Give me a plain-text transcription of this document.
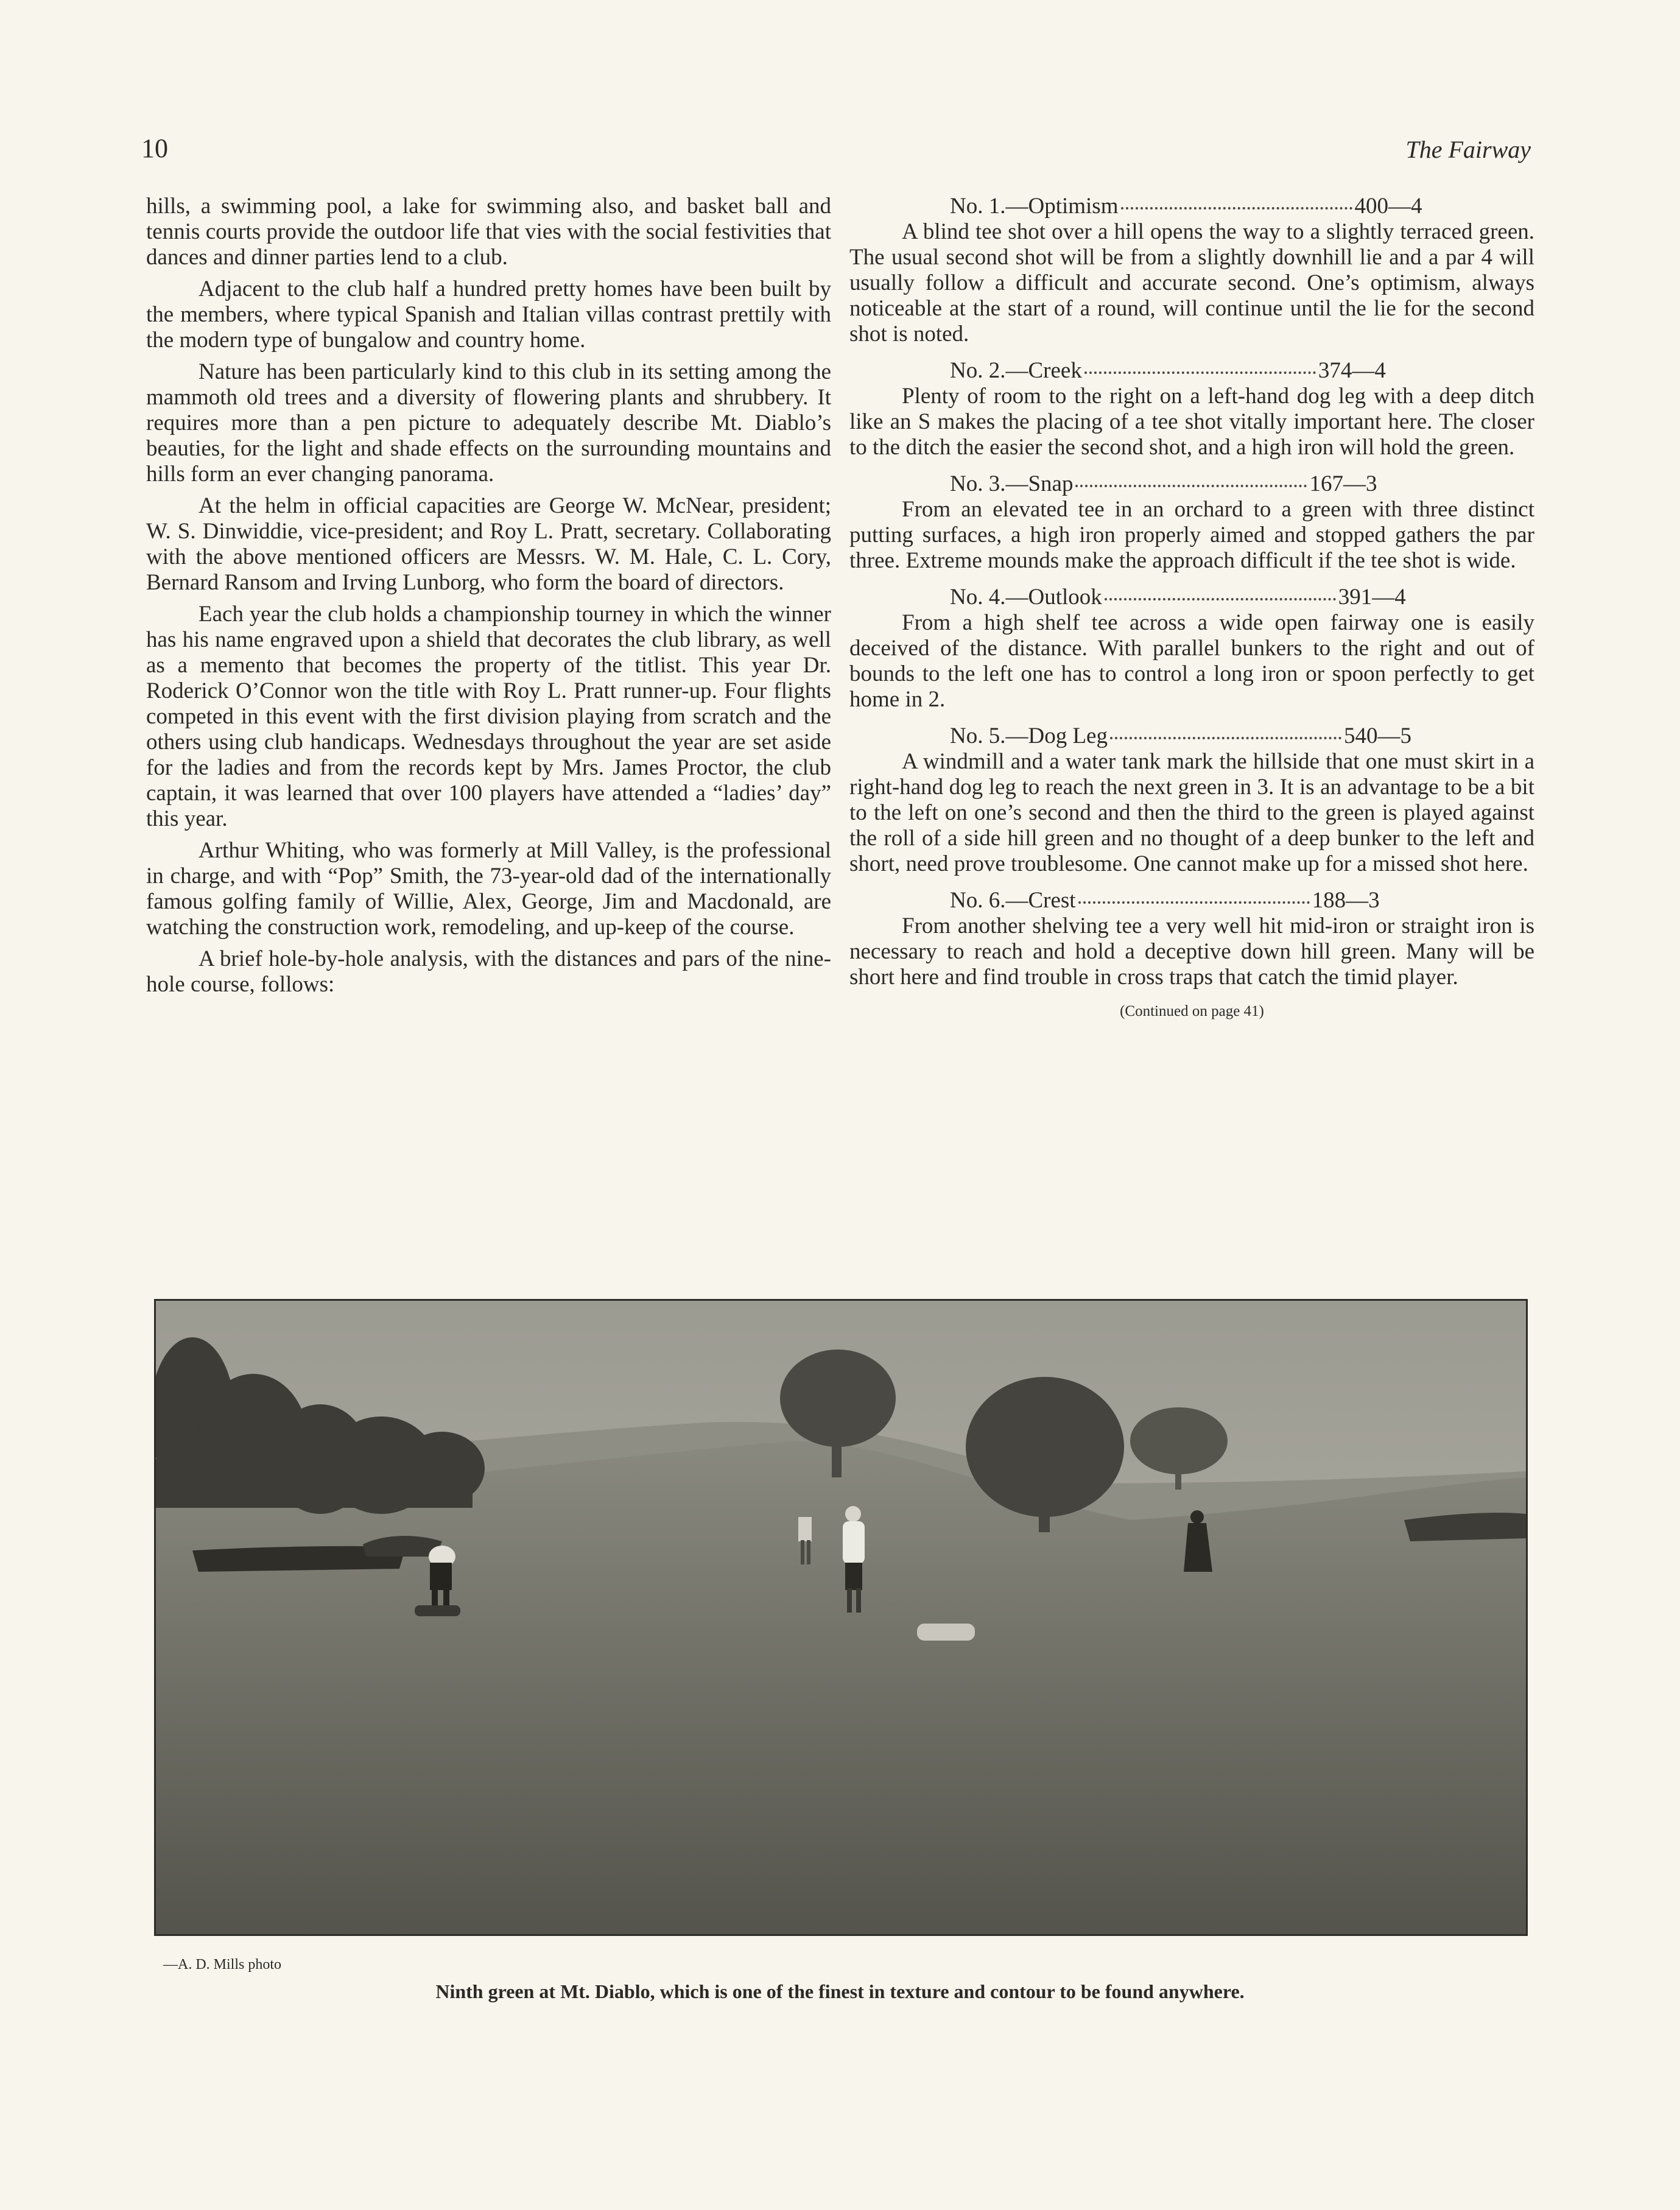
10	The Fairway

hills, a swimming pool, a lake for swimming also, and basket ball and tennis courts provide the outdoor life that vies with the social festivities that dances and dinner parties lend to a club.

Adjacent to the club half a hundred pretty homes have been built by the members, where typical Spanish and Italian villas contrast prettily with the modern type of bungalow and country home.

Nature has been particularly kind to this club in its setting among the mammoth old trees and a diversity of flowering plants and shrubbery. It requires more than a pen picture to adequately describe Mt. Diablo’s beauties, for the light and shade effects on the surrounding mountains and hills form an ever changing panorama.

At the helm in official capacities are George W. McNear, president; W. S. Dinwiddie, vice-president; and Roy L. Pratt, secretary. Collaborating with the above mentioned officers are Messrs. W. M. Hale, C. L. Cory, Bernard Ransom and Irving Lunborg, who form the board of directors.

Each year the club holds a championship tourney in which the winner has his name engraved upon a shield that decorates the club library, as well as a memento that becomes the property of the titlist. This year Dr. Roderick O’Connor won the title with Roy L. Pratt runner-up. Four flights competed in this event with the first division playing from scratch and the others using club handicaps. Wednesdays throughout the year are set aside for the ladies and from the records kept by Mrs. James Proctor, the club captain, it was learned that over 100 players have attended a “ladies’ day” this year.

Arthur Whiting, who was formerly at Mill Valley, is the professional in charge, and with “Pop” Smith, the 73-year-old dad of the internationally famous golfing family of Willie, Alex, George, Jim and Macdonald, are watching the construction work, remodeling, and up-keep of the course.

A brief hole-by-hole analysis, with the distances and pars of the nine-hole course, follows:

No. 1.—Optimism	400—4

A blind tee shot over a hill opens the way to a slightly terraced green. The usual second shot will be from a slightly downhill lie and a par 4 will usually follow a difficult and accurate second. One’s optimism, always noticeable at the start of a round, will continue until the lie for the second shot is noted.

No. 2.—Creek	374—4

Plenty of room to the right on a left-hand dog leg with a deep ditch like an S makes the placing of a tee shot vitally important here. The closer to the ditch the easier the second shot, and a high iron will hold the green.

No. 3.—Snap	167—3

From an elevated tee in an orchard to a green with three distinct putting surfaces, a high iron properly aimed and stopped gathers the par three. Extreme mounds make the approach difficult if the tee shot is wide.

No. 4.—Outlook	391—4

From a high shelf tee across a wide open fairway one is easily deceived of the distance. With parallel bunkers to the right and out of bounds to the left one has to control a long iron or spoon perfectly to get home in 2.

No. 5.—Dog Leg	540—5

A windmill and a water tank mark the hillside that one must skirt in a right-hand dog leg to reach the next green in 3. It is an advantage to be a bit to the left on one’s second and then the third to the green is played against the roll of a side hill green and no thought of a deep bunker to the left and short, need prove troublesome. One cannot make up for a missed shot here.

No. 6.—Crest	188—3

From another shelving tee a very well hit mid-iron or straight iron is necessary to reach and hold a deceptive down hill green. Many will be short here and find trouble in cross traps that catch the timid player.

(Continued on page 41)
—A. D. Mills photo
Ninth green at Mt. Diablo, which is one of the finest in texture and contour to be found anywhere.
